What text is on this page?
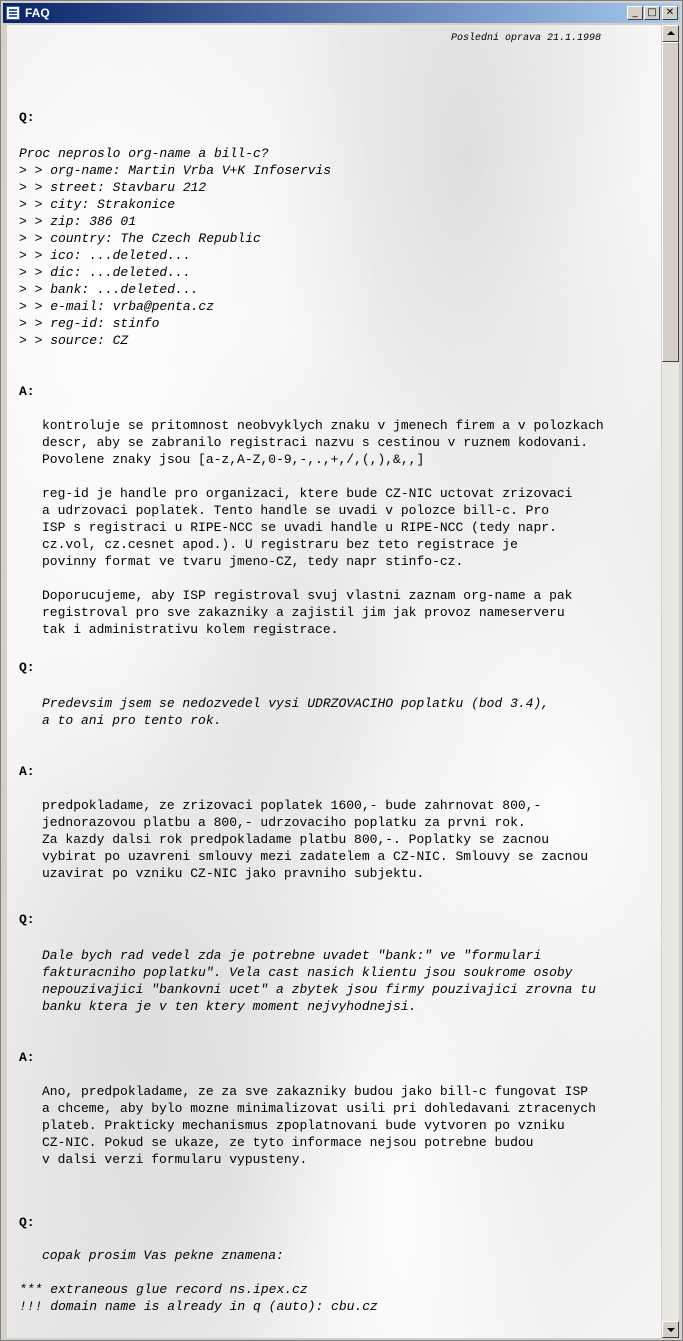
FAQ	_ □ ✕
Posledni oprava 21.1.1998
Q:
Proc neproslo org-name a bill-c?
> > org-name: Martin Vrba V+K Infoservis
> > street: Stavbaru 212
> > city: Strakonice
> > zip: 386 01
> > country: The Czech Republic
> > ico: ...deleted...
> > dic: ...deleted...
> > bank: ...deleted...
> > e-mail: vrba@penta.cz
> > reg-id: stinfo
> > source: CZ
A:
kontroluje se pritomnost neobvyklych znaku v jmenech firem a v polozkach
descr, aby se zabranilo registraci nazvu s cestinou v ruznem kodovani.
Povolene znaky jsou [a-z,A-Z,0-9,-,.,+,/,(,),&,,]
reg-id je handle pro organizaci, ktere bude CZ-NIC uctovat zrizovaci
a udrzovaci poplatek. Tento handle se uvadi v polozce bill-c. Pro
ISP s registraci u RIPE-NCC se uvadi handle u RIPE-NCC (tedy napr.
cz.vol, cz.cesnet apod.). U registraru bez teto registrace je
povinny format ve tvaru jmeno-CZ, tedy napr stinfo-cz.
Doporucujeme, aby ISP registroval svuj vlastni zaznam org-name a pak
registroval pro sve zakazniky a zajistil jim jak provoz nameserveru
tak i administrativu kolem registrace.
Q:
Predevsim jsem se nedozvedel vysi UDRZOVACIHO poplatku (bod 3.4),
a to ani pro tento rok.
A:
predpokladame, ze zrizovaci poplatek 1600,- bude zahrnovat 800,-
jednorazovou platbu a 800,- udrzovaciho poplatku za prvni rok.
Za kazdy dalsi rok predpokladame platbu 800,-. Poplatky se zacnou
vybirat po uzavreni smlouvy mezi zadatelem a CZ-NIC. Smlouvy se zacnou
uzavirat po vzniku CZ-NIC jako pravniho subjektu.
Q:
Dale bych rad vedel zda je potrebne uvadet "bank:" ve "formulari
fakturacniho poplatku". Vela cast nasich klientu jsou soukrome osoby
nepouzivajici "bankovni ucet" a zbytek jsou firmy pouzivajici zrovna tu
banku ktera je v ten ktery moment nejvyhodnejsi.
A:
Ano, predpokladame, ze za sve zakazniky budou jako bill-c fungovat ISP
a chceme, aby bylo mozne minimalizovat usili pri dohledavani ztracenych
plateb. Prakticky mechanismus zpoplatnovani bude vytvoren po vzniku
CZ-NIC. Pokud se ukaze, ze tyto informace nejsou potrebne budou
v dalsi verzi formularu vypusteny.
Q:
copak prosim Vas pekne znamena:
*** extraneous glue record ns.ipex.cz
!!! domain name is already in q (auto): cbu.cz
